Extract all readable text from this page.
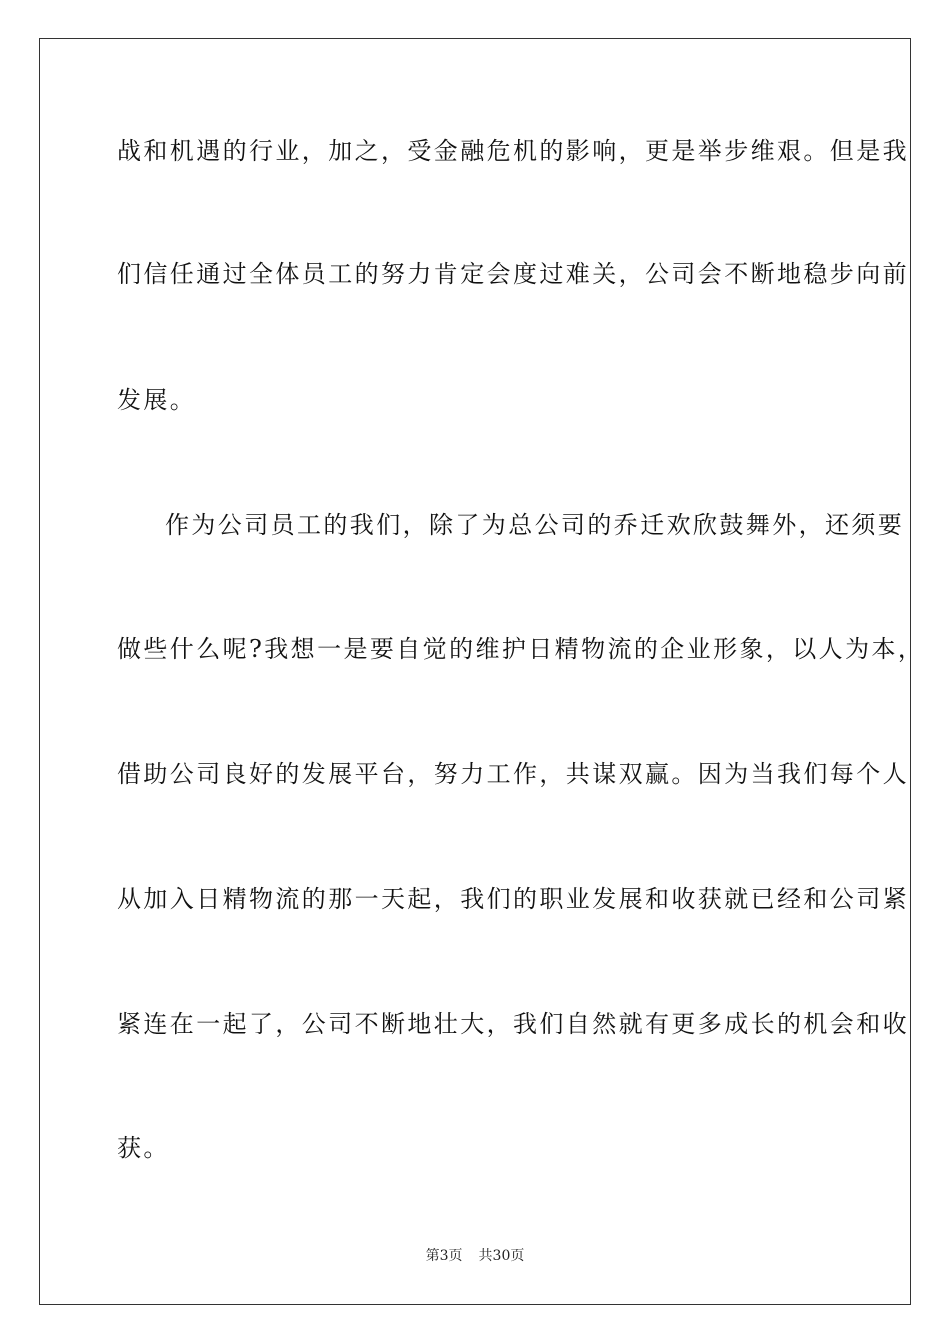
战和机遇的行业，加之，受金融危机的影响，更是举步维艰。但是我
们信任通过全体员工的努力肯定会度过难关，公司会不断地稳步向前
发展。
作为公司员工的我们，除了为总公司的乔迁欢欣鼓舞外，还须要
做些什么呢?我想一是要自觉的维护日精物流的企业形象，以人为本，
借助公司良好的发展平台，努力工作，共谋双赢。因为当我们每个人
从加入日精物流的那一天起，我们的职业发展和收获就已经和公司紧
紧连在一起了，公司不断地壮大，我们自然就有更多成长的机会和收
获。
第3页 共30页
